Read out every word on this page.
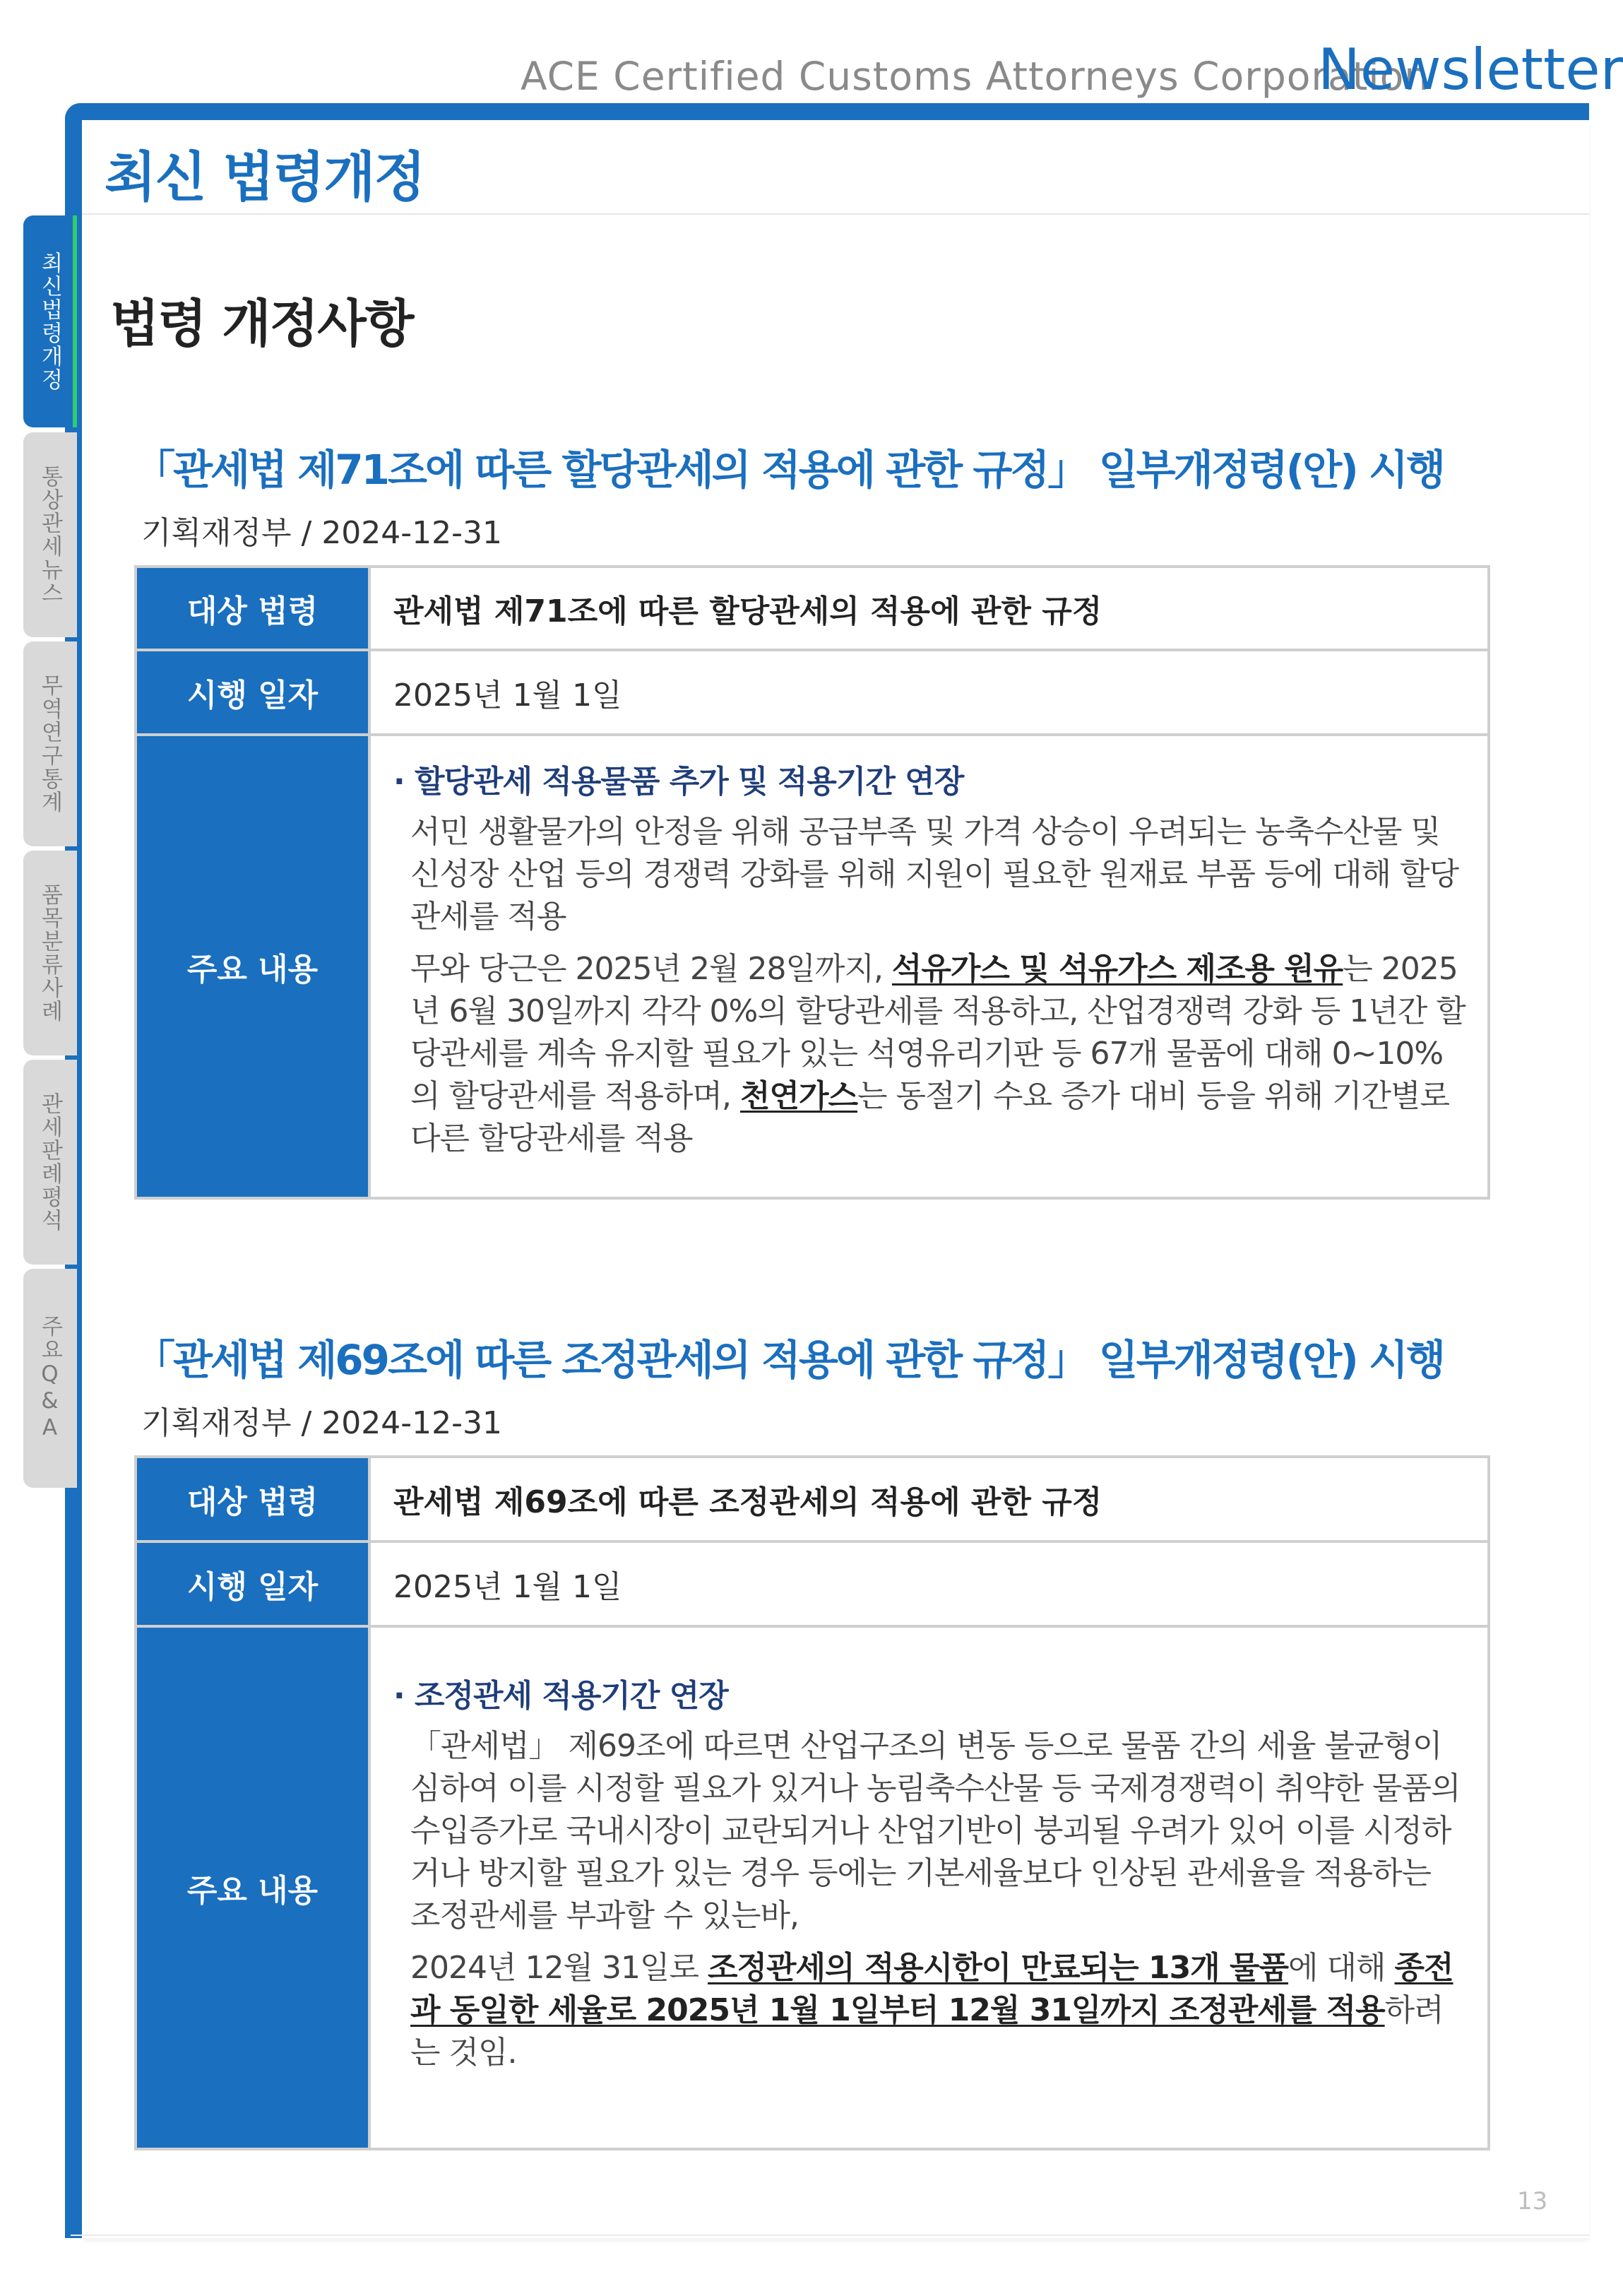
ACE Certified Customs Attorneys Corporation
Newsletter
최신 법령개정
최신법령개정
통상관세뉴스
무역연구통계
품목분류사례
관세판례평석
주요Q&A
법령 개정사항
「관세법 제71조에 따른 할당관세의 적용에 관한 규정」 일부개정령(안) 시행
기획재정부 / 2024-12-31
대상 법령	관세법 제71조에 따른 할당관세의 적용에 관한 규정
시행 일자	2025년 1월 1일
주요 내용	· 할당관세 적용물품 추가 및 적용기간 연장

서민 생활물가의 안정을 위해 공급부족 및 가격 상승이 우려되는 농축수산물 및 신성장 산업 등의 경쟁력 강화를 위해 지원이 필요한 원재료 부품 등에 대해 할당관세를 적용

무와 당근은 2025년 2월 28일까지, 석유가스 및 석유가스 제조용 원유는 2025년 6월 30일까지 각각 0%의 할당관세를 적용하고, 산업경쟁력 강화 등 1년간 할당관세를 계속 유지할 필요가 있는 석영유리기판 등 67개 물품에 대해 0~10%의 할당관세를 적용하며, 천연가스는 동절기 수요 증가 대비 등을 위해 기간별로 다른 할당관세를 적용

「관세법 제69조에 따른 조정관세의 적용에 관한 규정」 일부개정령(안) 시행
기획재정부 / 2024-12-31
대상 법령	관세법 제69조에 따른 조정관세의 적용에 관한 규정
시행 일자	2025년 1월 1일
주요 내용	· 조정관세 적용기간 연장

「관세법」 제69조에 따르면 산업구조의 변동 등으로 물품 간의 세율 불균형이 심하여 이를 시정할 필요가 있거나 농림축수산물 등 국제경쟁력이 취약한 물품의 수입증가로 국내시장이 교란되거나 산업기반이 붕괴될 우려가 있어 이를 시정하거나 방지할 필요가 있는 경우 등에는 기본세율보다 인상된 관세율을 적용하는 조정관세를 부과할 수 있는바,

2024년 12월 31일로 조정관세의 적용시한이 만료되는 13개 물품에 대해 종전과 동일한 세율로 2025년 1월 1일부터 12월 31일까지 조정관세를 적용하려는 것임.

13
